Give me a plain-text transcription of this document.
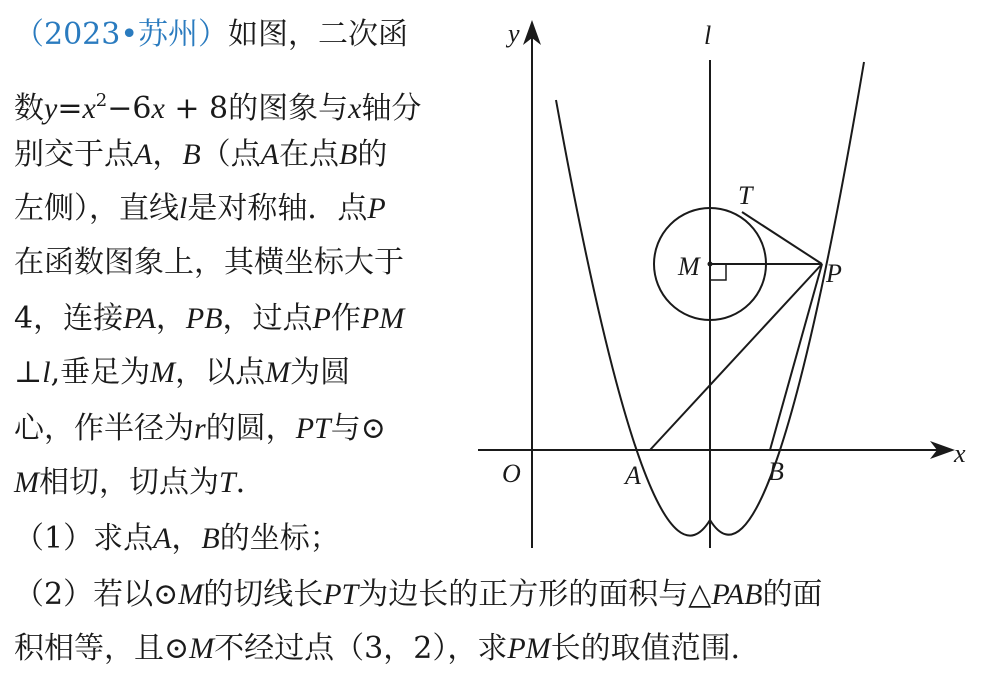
（2023•苏州）如图，二次函
数$y=x^2-6x + 8$的图象与x轴分
别交于点A，B（点A在点B的
左侧），直线l是对称轴．点P
在函数图象上，其横坐标大于
4，连接PA，PB，过点P作PM
⊥l,垂足为M，以点M为圆
心，作半径为r的圆，PT与⊙
M相切，切点为T．
（1）求点A，B的坐标；
（2）若以⊙M的切线长PT为边长的正方形的面积与△PAB的面
积相等，且⊙M不经过点（3，2），求PM长的取值范围．
y
x
l
O	A	B
M	P
T
